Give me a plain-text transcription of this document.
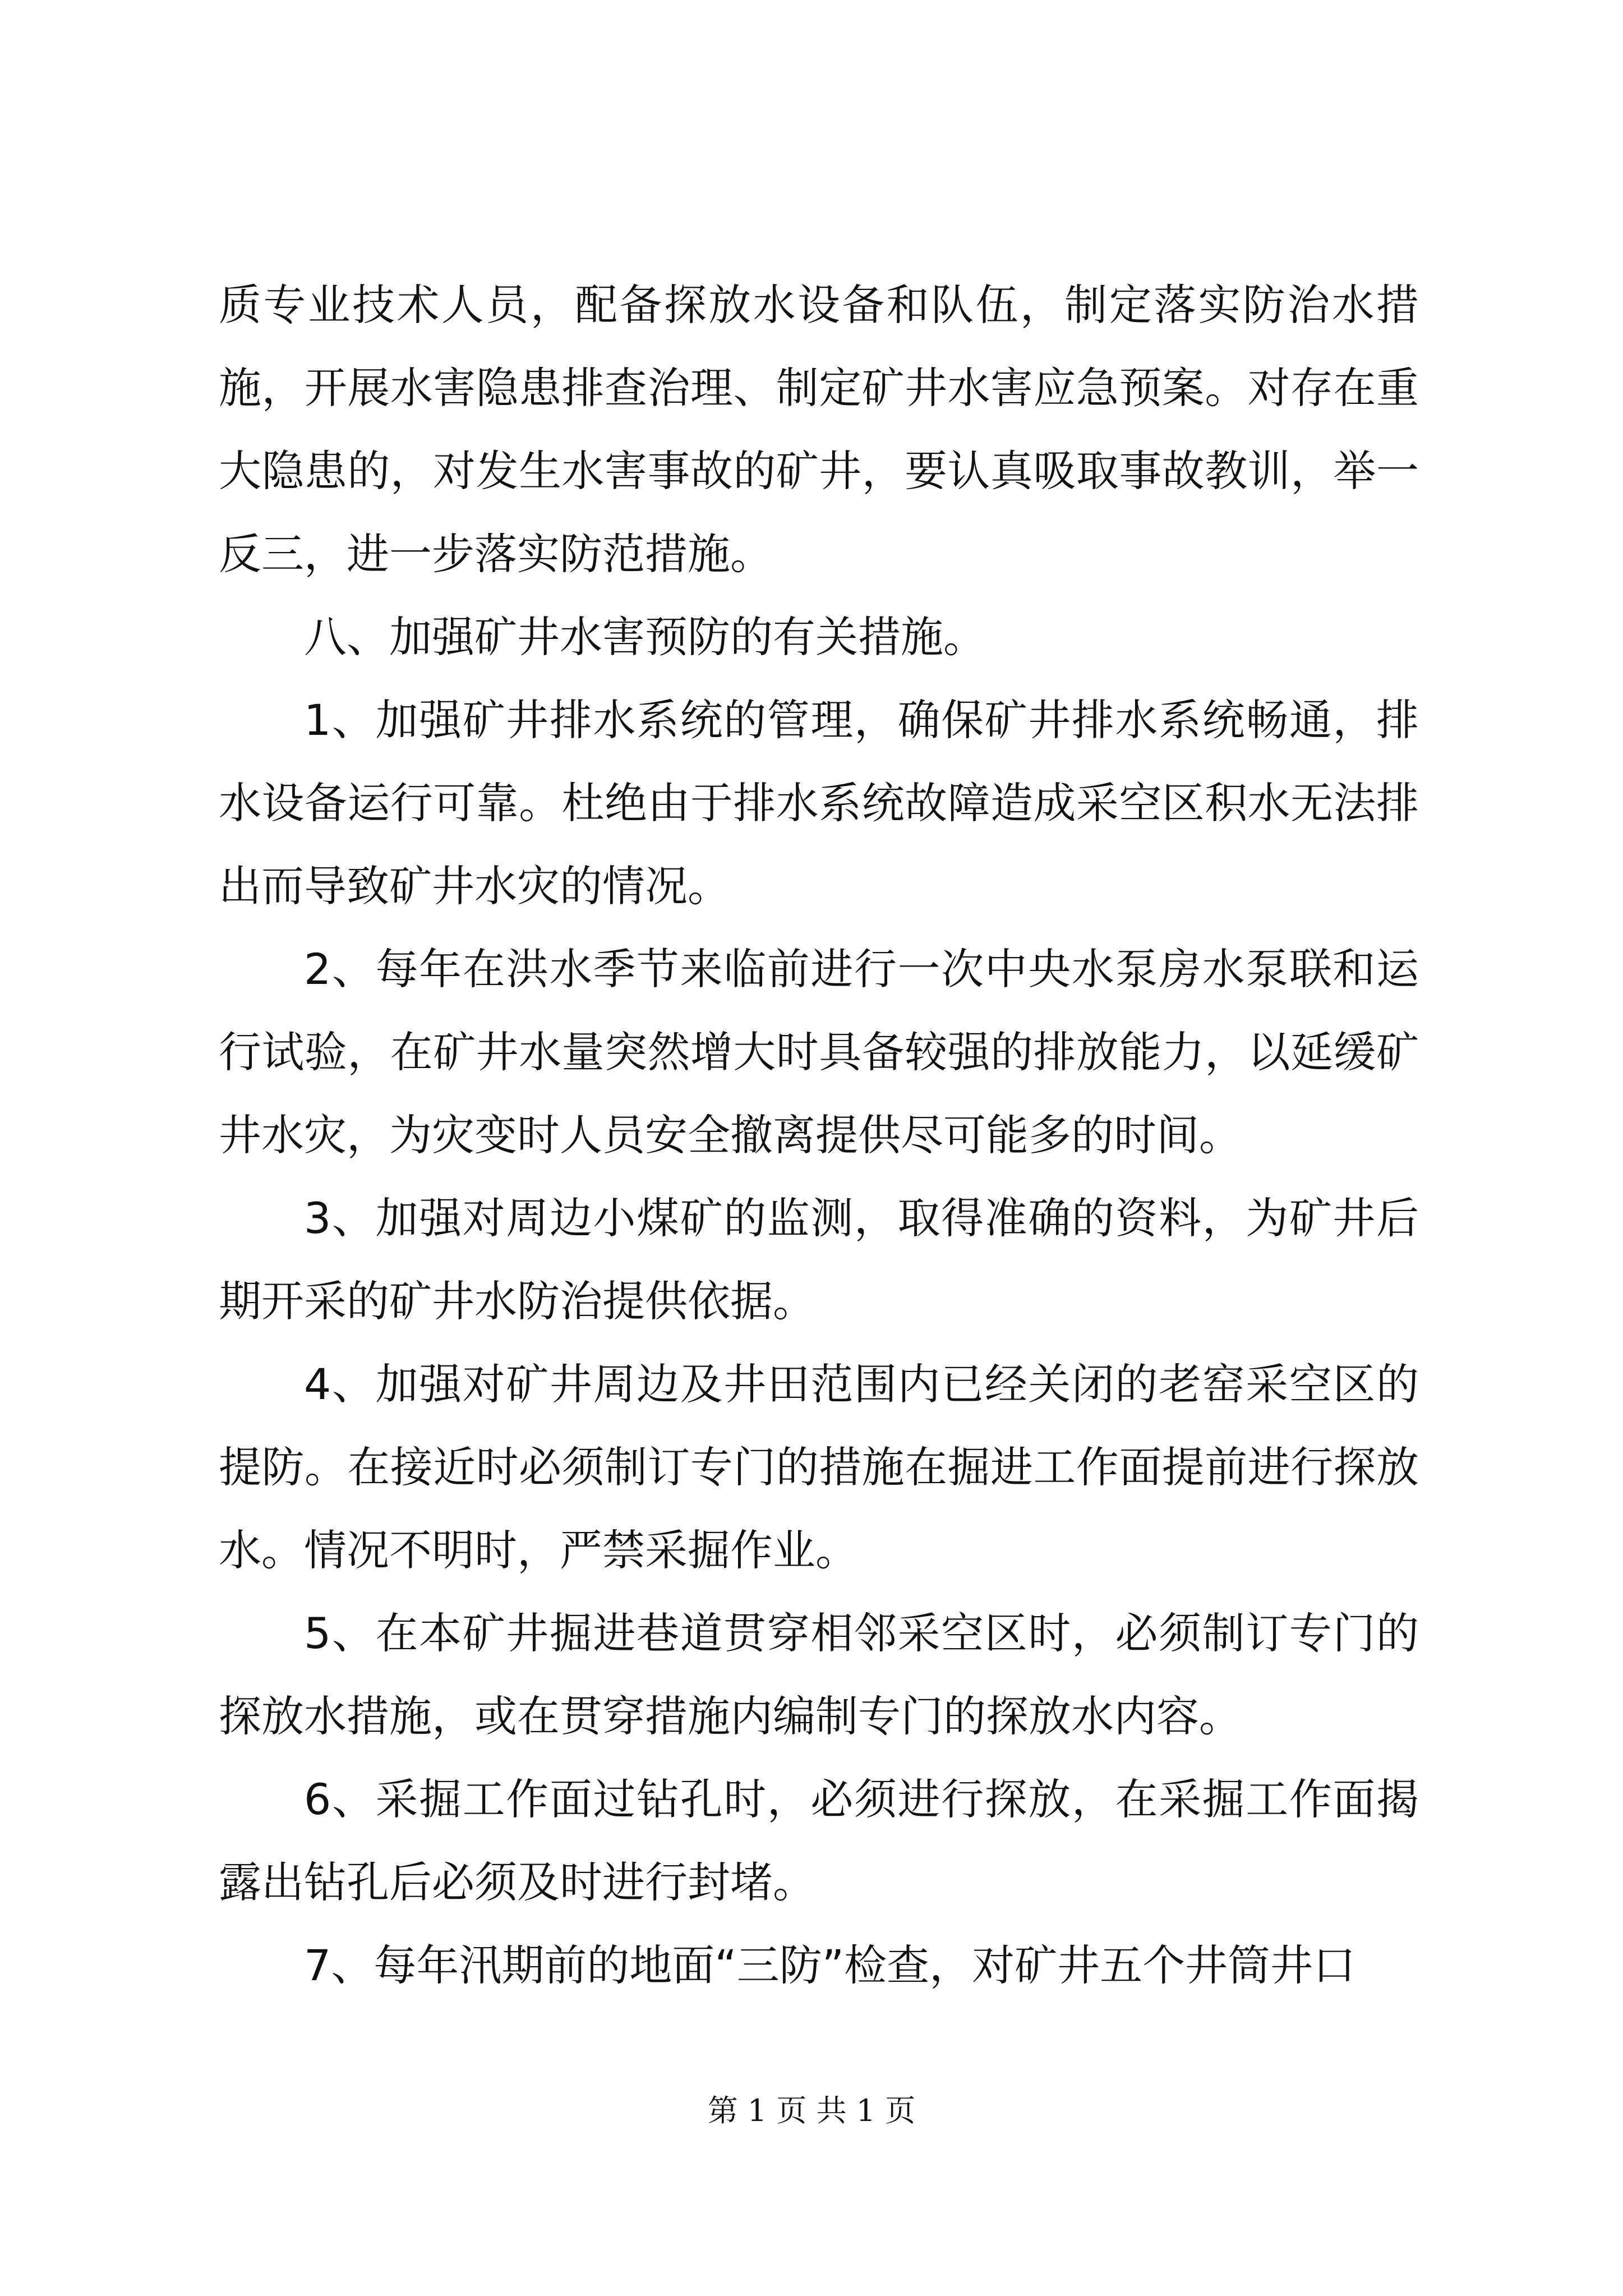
质专业技术人员，配备探放水设备和队伍，制定落实防治水措施，开展水害隐患排查治理、制定矿井水害应急预案。对存在重大隐患的，对发生水害事故的矿井，要认真吸取事故教训，举一反三，进一步落实防范措施。

八、加强矿井水害预防的有关措施。

1、加强矿井排水系统的管理，确保矿井排水系统畅通，排水设备运行可靠。杜绝由于排水系统故障造成采空区积水无法排出而导致矿井水灾的情况。

2、每年在洪水季节来临前进行一次中央水泵房水泵联和运行试验，在矿井水量突然增大时具备较强的排放能力，以延缓矿井水灾，为灾变时人员安全撤离提供尽可能多的时间。

3、加强对周边小煤矿的监测，取得准确的资料，为矿井后期开采的矿井水防治提供依据。

4、加强对矿井周边及井田范围内已经关闭的老窑采空区的提防。在接近时必须制订专门的措施在掘进工作面提前进行探放水。情况不明时，严禁采掘作业。

5、在本矿井掘进巷道贯穿相邻采空区时，必须制订专门的探放水措施，或在贯穿措施内编制专门的探放水内容。

6、采掘工作面过钻孔时，必须进行探放，在采掘工作面揭露出钻孔后必须及时进行封堵。

7、每年汛期前的地面“三防”检查，对矿井五个井筒井口

第 1 页 共 1 页
